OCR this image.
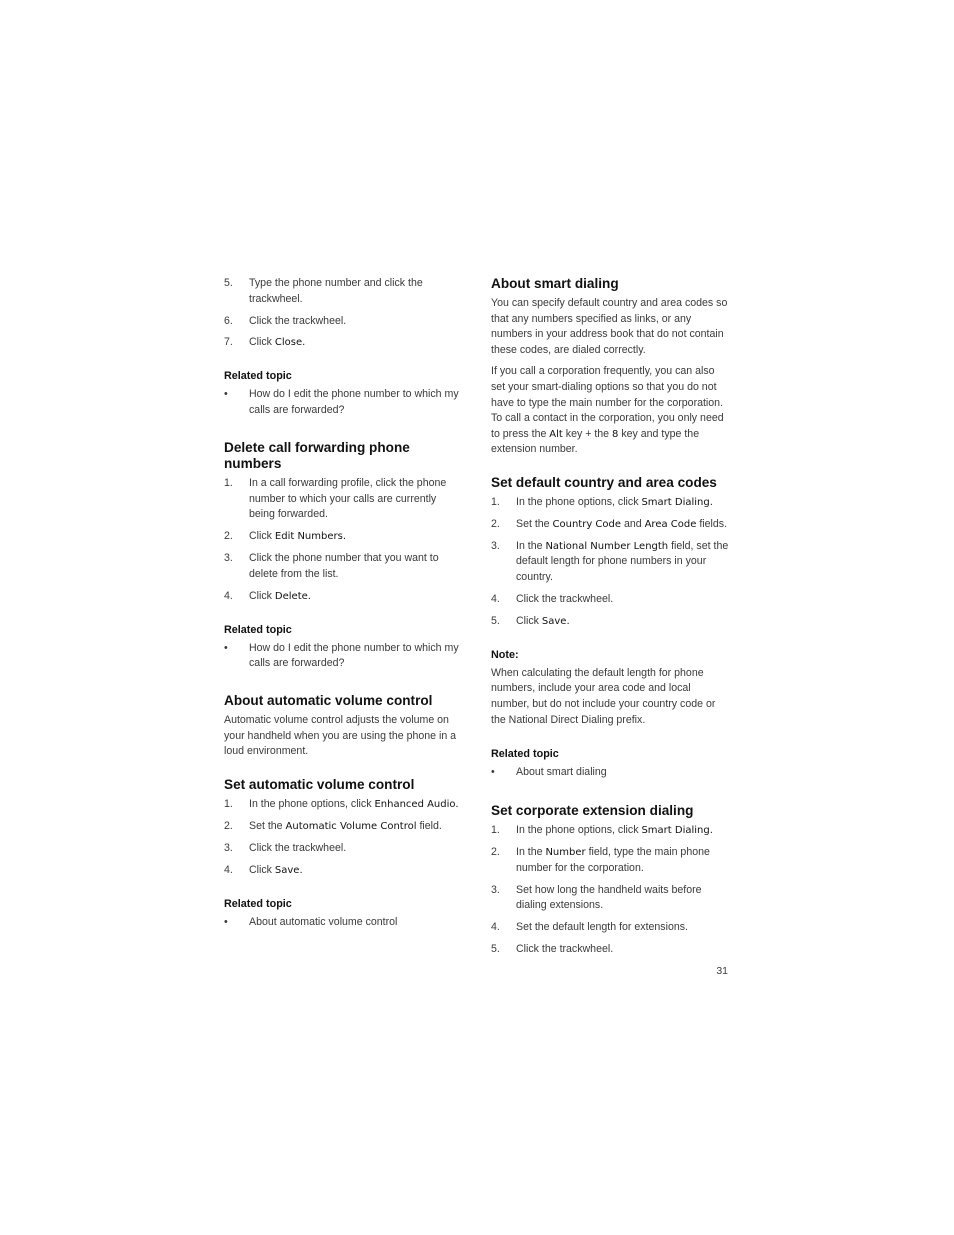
5.	Type the phone number and click the trackwheel.
6.	Click the trackwheel.
7.	Click Close.
Related topic
•	How do I edit the phone number to which my calls are forwarded?
Delete call forwarding phone numbers
1.	In a call forwarding profile, click the phone number to which your calls are currently being forwarded.
2.	Click Edit Numbers.
3.	Click the phone number that you want to delete from the list.
4.	Click Delete.
Related topic
•	How do I edit the phone number to which my calls are forwarded?
About automatic volume control

Automatic volume control adjusts the volume on your handheld when you are using the phone in a loud environment.

Set automatic volume control
1.	In the phone options, click Enhanced Audio.
2.	Set the Automatic Volume Control field.
3.	Click the trackwheel.
4.	Click Save.
Related topic
•	About automatic volume control
About smart dialing

You can specify default country and area codes so that any numbers specified as links, or any numbers in your address book that do not contain these codes, are dialed correctly.

If you call a corporation frequently, you can also set your smart-dialing options so that you do not have to type the main number for the corporation. To call a contact in the corporation, you only need to press the Alt key + the 8 key and type the extension number.

Set default country and area codes
1.	In the phone options, click Smart Dialing.
2.	Set the Country Code and Area Code fields.
3.	In the National Number Length field, set the default length for phone numbers in your country.
4.	Click the trackwheel.
5.	Click Save.
Note:

When calculating the default length for phone numbers, include your area code and local number, but do not include your country code or the National Direct Dialing prefix.

Related topic
•	About smart dialing
Set corporate extension dialing
1.	In the phone options, click Smart Dialing.
2.	In the Number field, type the main phone number for the corporation.
3.	Set how long the handheld waits before dialing extensions.
4.	Set the default length for extensions.
5.	Click the trackwheel.
31
